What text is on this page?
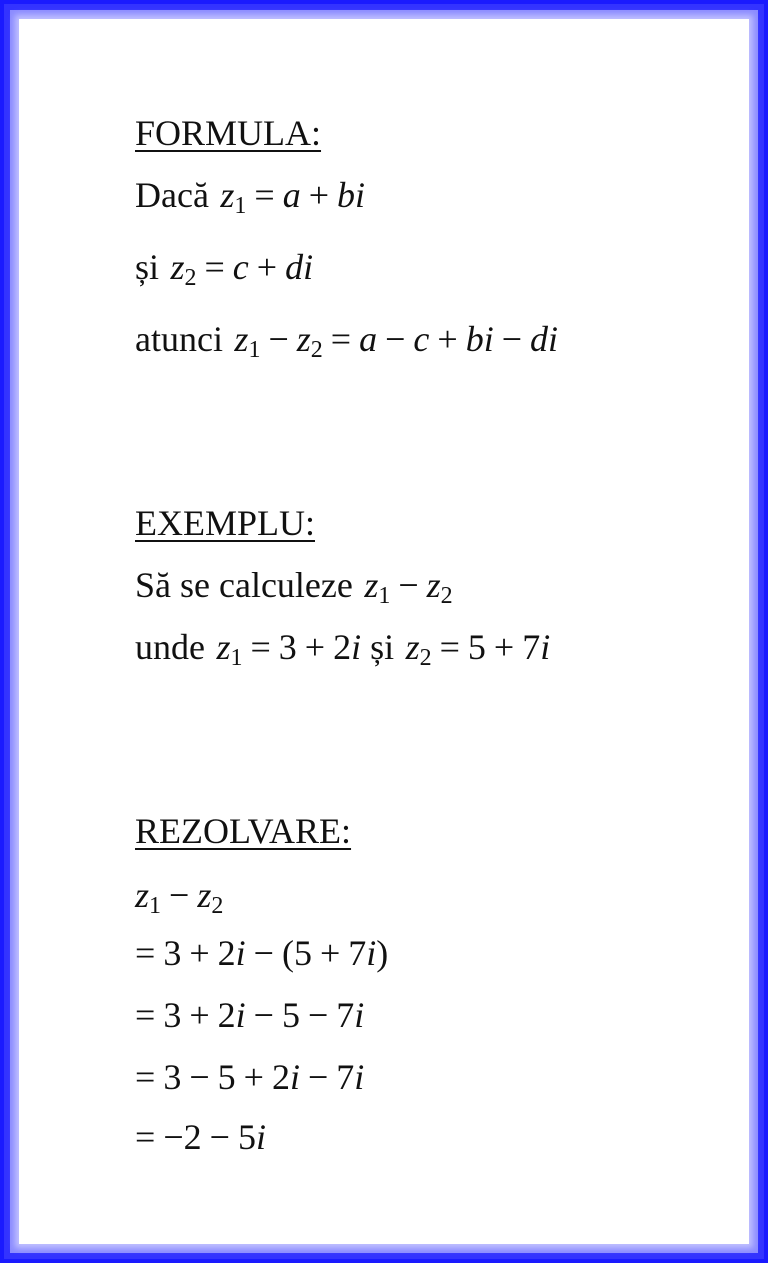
FORMULA:
Dacă $z_1 = a$ + bi
și $z_2 = c$ + di
atunci $z_1 - z_2 = a - c$ + bi − di
EXEMPLU:
Să se calculeze $z_1 - z_2$
unde $z_1 = 3 + 2i$ și $z_2 = 5 + 7i$
REZOLVARE:
$z_1 - z_2$
= 3 + 2i − (5 + 7i)
= 3 + 2i − 5 − 7i
= 3 − 5 + 2i − 7i
= −2 − 5i
